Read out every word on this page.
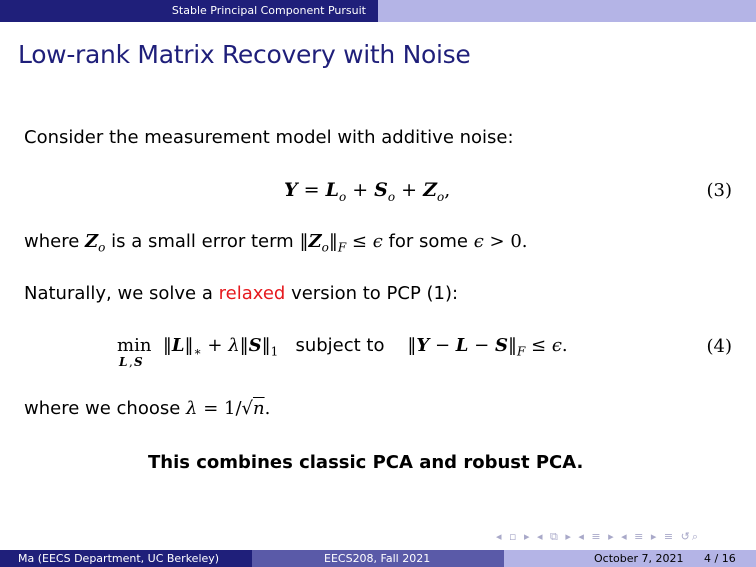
Stable Principal Component Pursuit
Low-rank Matrix Recovery with Noise
Consider the measurement model with additive noise:
$Y = L_o + S_o + Z_o$,	(3)
where $Z_o$ is a small error term $‖Z_o‖_F \le \epsilon$ for some ϵ > 0.
Naturally, we solve a relaxed version to PCP (1):
min
L , S
$‖L‖_∗$ + $\lambda‖S‖_1$ subject to    ‖Y − $L - S‖_F \le \epsilon$.	(4)
where we choose λ = 1/√n.
This combines classic PCA and robust PCA.
◂ ▫ ▸ ◂ ⧉ ▸ ◂ ≡ ▸ ◂ ≡ ▸ ≡ ↺⌕
Ma (EECS Department, UC Berkeley)	EECS208, Fall 2021	October 7, 2021 4 / 16
